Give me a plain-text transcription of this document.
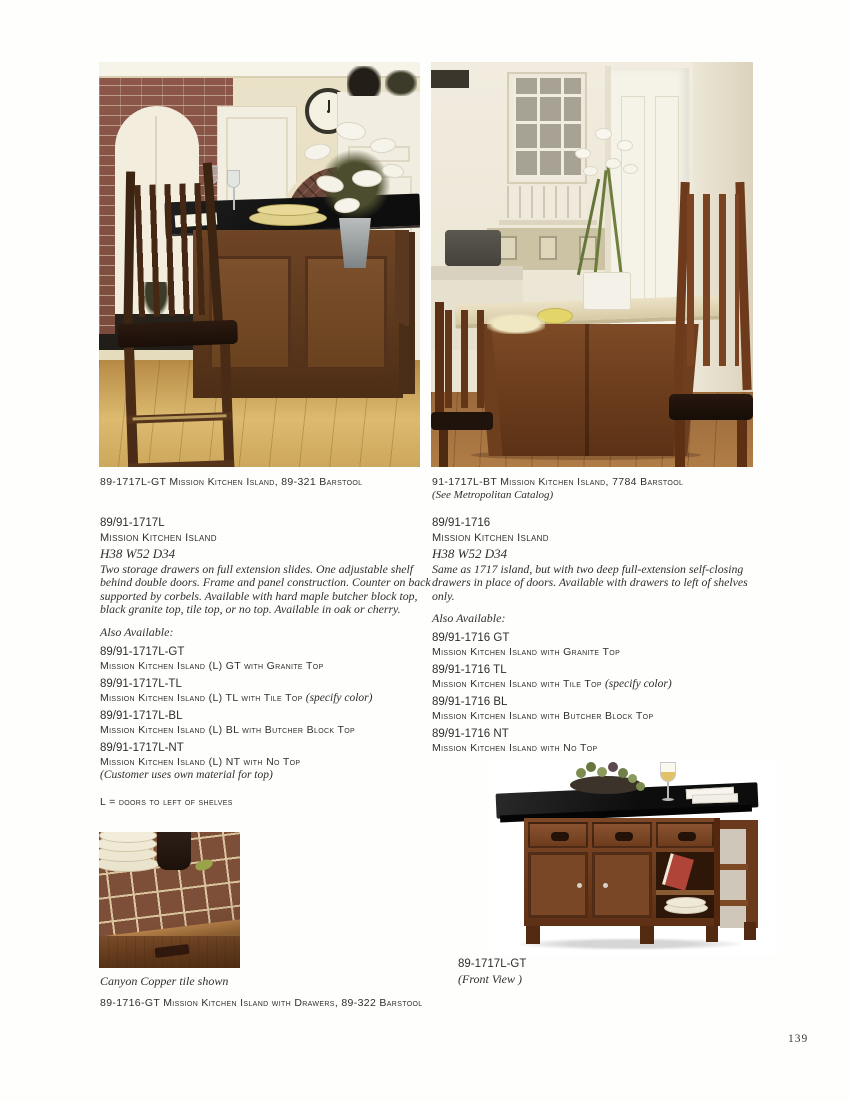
89-1717L-GT Mission Kitchen Island, 89-321 Barstool	91-1717L-BT Mission Kitchen Island, 7784 Barstool
(See Metropolitan Catalog)
89/91-1717L
Mission Kitchen Island
H38 W52 D34
Two storage drawers on full extension slides. One adjustable shelf behind double doors. Frame and panel construction. Counter on back supported by corbels. Available with hard maple butcher block top, black granite top, tile top, or no top. Available in oak or cherry.
Also Available:
89/91-1717L-GT
Mission Kitchen Island (L) GT with Granite Top
89/91-1717L-TL
Mission Kitchen Island (L) TL with Tile Top (specify color)
89/91-1717L-BL
Mission Kitchen Island (L) BL with Butcher Block Top
89/91-1717L-NT
Mission Kitchen Island (L) NT with No Top
(Customer uses own material for top)
L = doors to left of shelves
89/91-1716
Mission Kitchen Island
H38 W52 D34
Same as 1717 island, but with two deep full-extension self-closing drawers in place of doors. Available with drawers to left of shelves only.
Also Available:
89/91-1716 GT
Mission Kitchen Island with Granite Top
89/91-1716 TL
Mission Kitchen Island with Tile Top (specify color)
89/91-1716 BL
Mission Kitchen Island with Butcher Block Top
89/91-1716 NT
Mission Kitchen Island with No Top
Canyon Copper tile shown
89-1716-GT Mission Kitchen Island with Drawers, 89-322 Barstool
89-1717L-GT
(Front View )
139
